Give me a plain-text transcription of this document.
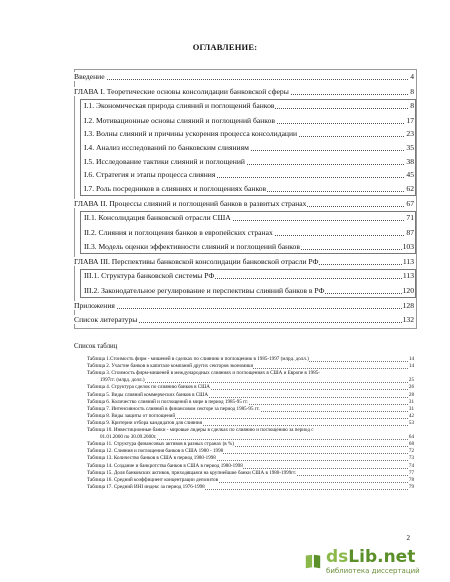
ОГЛАВЛЕНИЕ:
Введение	4
ГЛАВА I. Теоретические основы консолидации банковской сферы	8
I.1. Экономическая природа слияний и поглощений банков	8
I.2. Мотивационные основы слияний и поглощений банков	17
I.3. Волны слияний и причины ускорения процесса консолидации	23
I.4. Анализ исследований по банковским слияниям	35
I.5. Исследование тактики слияний и поглощений	38
I.6. Стратегия и этапы процесса слияния	45
I.7. Роль посредников в слияниях и поглощениях банков	62
ГЛАВА II. Процессы слияний и поглощений банков в развитых странах	67
II.1. Консолидация банковской отрасли США	71
II.2. Слияния и поглощения банков в европейских странах	87
II.3. Модель оценки эффективности слияний и поглощений банков	103
ГЛАВА III. Перспективы банковской консолидации банковской отрасли РФ	113
III.1. Структура банковской системы РФ	113
III.2. Законодательное регулирование и перспективы слияний банков в РФ	120
Приложения	128
Список литературы	132
Список таблиц
Таблица 1.Стоимость фирм - мишеней в сделках по слиянию и поглощению в 1985-1997 (млрд. долл.)	14
Таблица 2. Участие банков в капитале компаний других секторов экономики	14
Таблица 3. Стоимость фирм-мишеней в международных слияниях и поглощениях в США и Европе в 1985-
1997гг. (млрд. долл.)	25
Таблица 4. Структура сделок по слиянию банков в США	26
Таблица 5. Виды слияний коммерческих банков в США	28
Таблица 6. Количество слияний и поглощений в мире в период 1985-95 гг.	31
Таблица 7. Интенсивность слияний в финансовом секторе за период 1985-95 гг.	31
Таблица 8. Виды защиты от поглощений	42
Таблица 9. Критерии отбора кандидатов для слияния	53
Таблица 10. Инвестиционные банки - мировые лидеры в сделках по слиянию и поглощению за период с
01.01.2000 по 30.09.2000г.	64
Таблица 11. Структура финансовых активов в разных странах (в %)	68
Таблица 12. Слияния и поглощения банков в США 1980 - 1998	72
Таблица 13. Количество банков в США в период 1980-1998	73
Таблица 14. Создание и банкротства банков в США в период 1980-1998	74
Таблица 15. Доля банковских активов, приходящаяся на крупнейшие банки США в 1980-1999гг.	77
Таблица 16. Средний коэффициент концентрации депозитов	78
Таблица 17. Средний ИНІ индекс за период 1976-1998	79
2
dsLib.net
библиотека диссертаций
